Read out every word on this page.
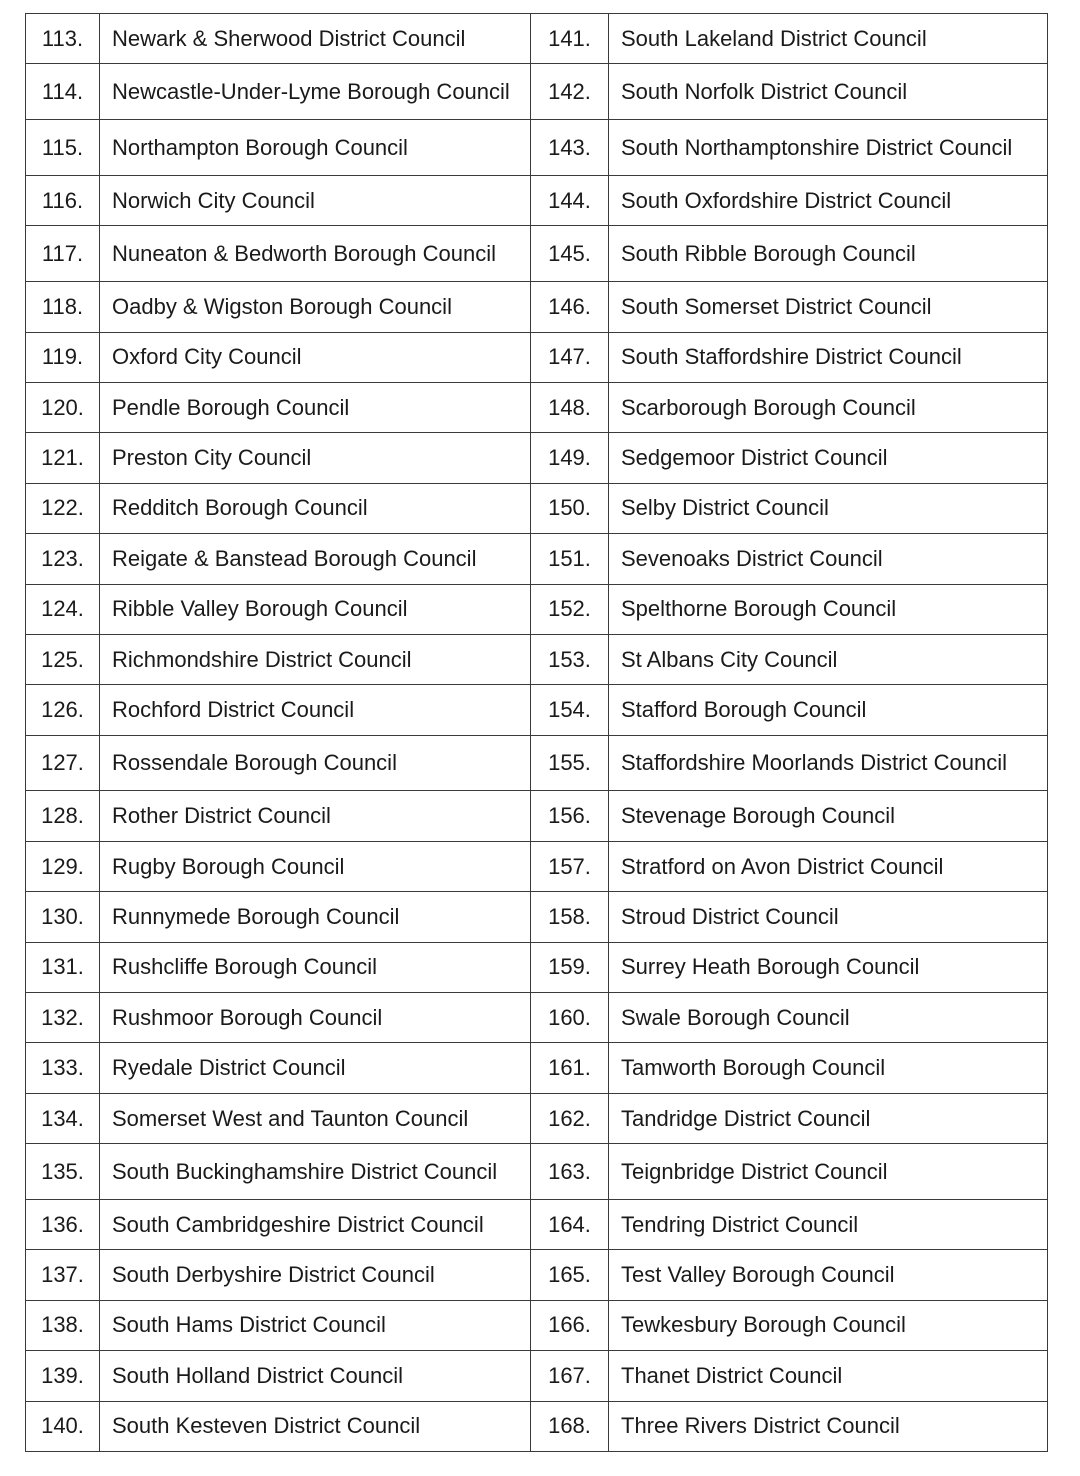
113.	Newark & Sherwood District Council	141.	South Lakeland District Council
114.	Newcastle-Under-Lyme Borough Council	142.	South Norfolk District Council
115.	Northampton Borough Council	143.	South Northamptonshire District Council
116.	Norwich City Council	144.	South Oxfordshire District Council
117.	Nuneaton & Bedworth Borough Council	145.	South Ribble Borough Council
118.	Oadby & Wigston Borough Council	146.	South Somerset District Council
119.	Oxford City Council	147.	South Staffordshire District Council
120.	Pendle Borough Council	148.	Scarborough Borough Council
121.	Preston City Council	149.	Sedgemoor District Council
122.	Redditch Borough Council	150.	Selby District Council
123.	Reigate & Banstead Borough Council	151.	Sevenoaks District Council
124.	Ribble Valley Borough Council	152.	Spelthorne Borough Council
125.	Richmondshire District Council	153.	St Albans City Council
126.	Rochford District Council	154.	Stafford Borough Council
127.	Rossendale Borough Council	155.	Staffordshire Moorlands District Council
128.	Rother District Council	156.	Stevenage Borough Council
129.	Rugby Borough Council	157.	Stratford on Avon District Council
130.	Runnymede Borough Council	158.	Stroud District Council
131.	Rushcliffe Borough Council	159.	Surrey Heath Borough Council
132.	Rushmoor Borough Council	160.	Swale Borough Council
133.	Ryedale District Council	161.	Tamworth Borough Council
134.	Somerset West and Taunton Council	162.	Tandridge District Council
135.	South Buckinghamshire District Council	163.	Teignbridge District Council
136.	South Cambridgeshire District Council	164.	Tendring District Council
137.	South Derbyshire District Council	165.	Test Valley Borough Council
138.	South Hams District Council	166.	Tewkesbury Borough Council
139.	South Holland District Council	167.	Thanet District Council
140.	South Kesteven District Council	168.	Three Rivers District Council
